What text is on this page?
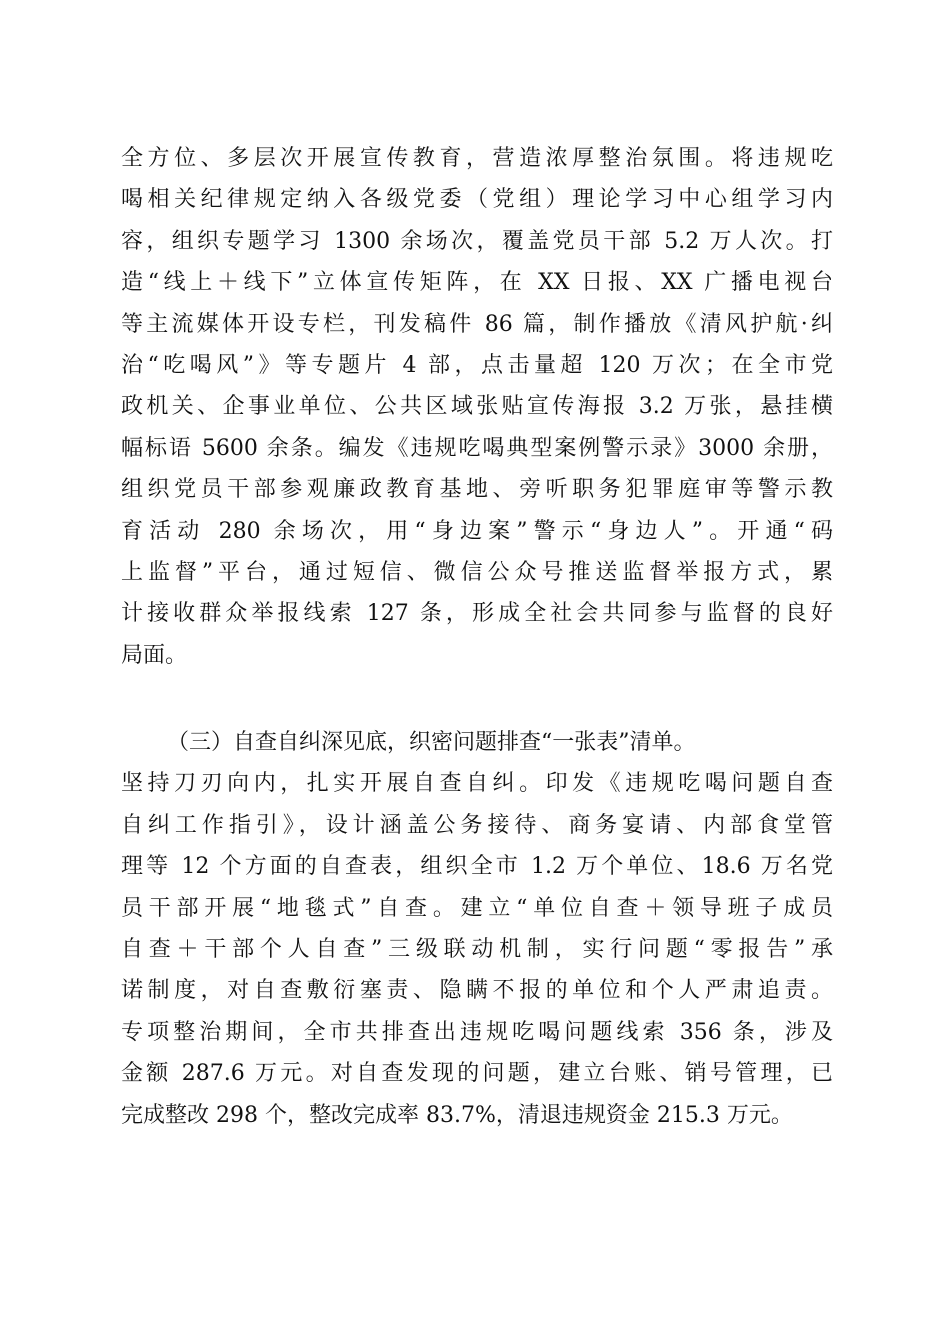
全方位、多层次开展宣传教育，营造浓厚整治氛围。将违规吃
喝相关纪律规定纳入各级党委（党组）理论学习中心组学习内
容，组织专题学习 1300 余场次，覆盖党员干部 5.2 万人次。打
造“线上＋线下”立体宣传矩阵，在 XX 日报、XX 广播电视台
等主流媒体开设专栏，刊发稿件 86 篇，制作播放《清风护航·纠
治“吃喝风”》等专题片 4 部，点击量超 120 万次；在全市党
政机关、企事业单位、公共区域张贴宣传海报 3.2 万张，悬挂横
幅标语 5600 余条。编发《违规吃喝典型案例警示录》3000 余册，
组织党员干部参观廉政教育基地、旁听职务犯罪庭审等警示教
育活动 280 余场次，用“身边案”警示“身边人”。开通“码
上监督”平台，通过短信、微信公众号推送监督举报方式，累
计接收群众举报线索 127 条，形成全社会共同参与监督的良好
局面。
（三）自查自纠深见底，织密问题排查“一张表”清单。
坚持刀刃向内，扎实开展自查自纠。印发《违规吃喝问题自查
自纠工作指引》，设计涵盖公务接待、商务宴请、内部食堂管
理等 12 个方面的自查表，组织全市 1.2 万个单位、18.6 万名党
员干部开展“地毯式”自查。建立“单位自查＋领导班子成员
自查＋干部个人自查”三级联动机制，实行问题“零报告”承
诺制度，对自查敷衍塞责、隐瞒不报的单位和个人严肃追责。
专项整治期间，全市共排查出违规吃喝问题线索 356 条，涉及
金额 287.6 万元。对自查发现的问题，建立台账、销号管理，已
完成整改 298 个，整改完成率 83.7%，清退违规资金 215.3 万元。
